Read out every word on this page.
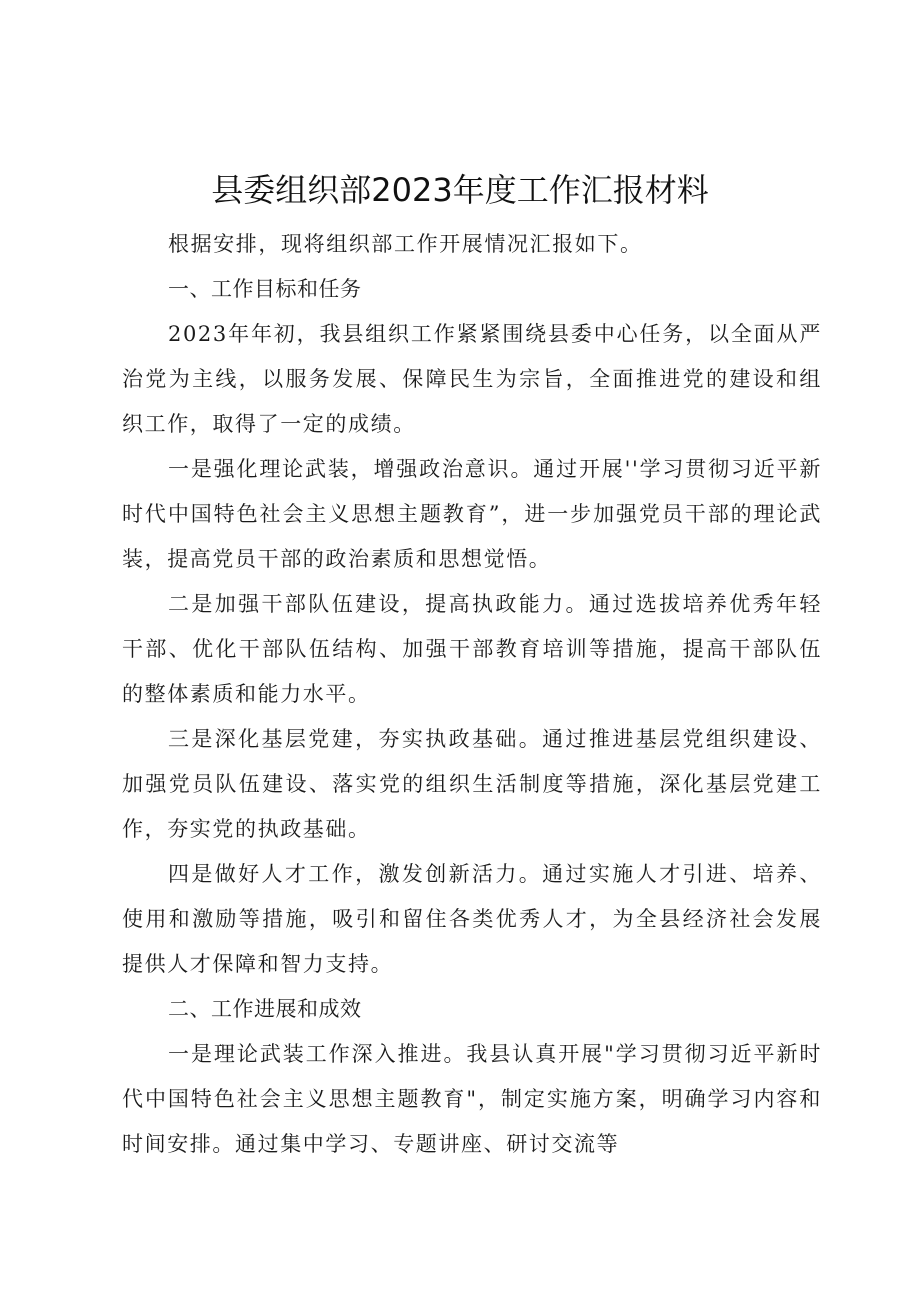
县委组织部2023年度工作汇报材料

根据安排，现将组织部工作开展情况汇报如下。

一、工作目标和任务

2023年年初，我县组织工作紧紧围绕县委中心任务，以全面从严治党为主线，以服务发展、保障民生为宗旨，全面推进党的建设和组织工作，取得了一定的成绩。

一是强化理论武装，增强政治意识。通过开展''学习贯彻习近平新时代中国特色社会主义思想主题教育”，进一步加强党员干部的理论武装，提高党员干部的政治素质和思想觉悟。

二是加强干部队伍建设，提高执政能力。通过选拔培养优秀年轻干部、优化干部队伍结构、加强干部教育培训等措施，提高干部队伍的整体素质和能力水平。

三是深化基层党建，夯实执政基础。通过推进基层党组织建设、加强党员队伍建设、落实党的组织生活制度等措施，深化基层党建工作，夯实党的执政基础。

四是做好人才工作，激发创新活力。通过实施人才引进、培养、使用和激励等措施，吸引和留住各类优秀人才，为全县经济社会发展提供人才保障和智力支持。

二、工作进展和成效

一是理论武装工作深入推进。我县认真开展"学习贯彻习近平新时代中国特色社会主义思想主题教育"，制定实施方案，明确学习内容和时间安排。通过集中学习、专题讲座、研讨交流等
